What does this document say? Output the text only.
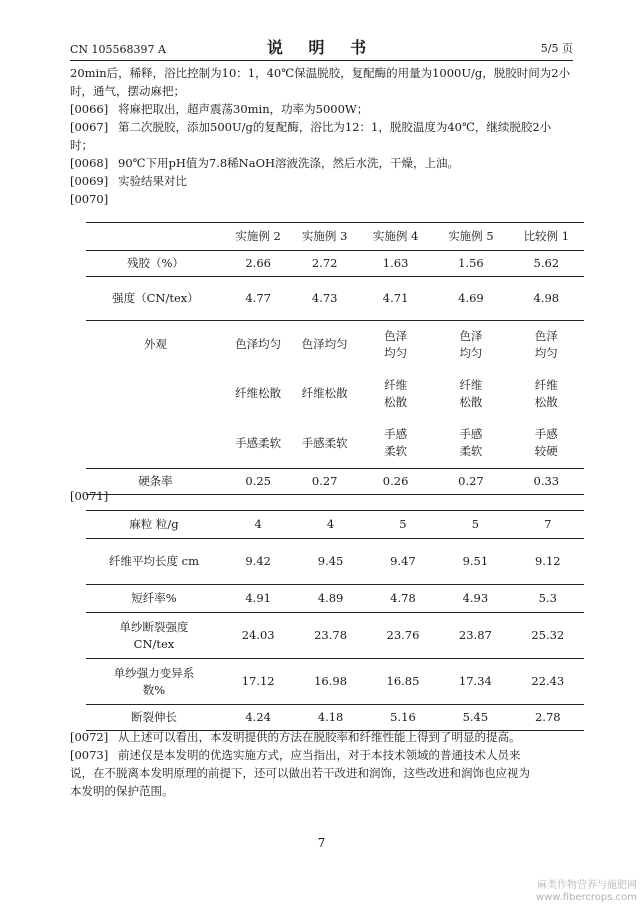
CN 105568397 A	说 明 书	5/5 页
20min后，稀释，浴比控制为10：1，40℃保温脱胶，复配酶的用量为1000U/g，脱胶时间为2小
时，通气，摆动麻把；
[0066] 将麻把取出，超声震荡30min，功率为5000W；
[0067] 第二次脱胶，添加500U/g的复配酶，浴比为12：1，脱胶温度为40℃，继续脱胶2小
时；
[0068] 90℃下用pH值为7.8稀NaOH溶液洗涤，然后水洗，干燥，上油。
[0069] 实验结果对比
[0070]
	实施例 2	实施例 3	实施例 4	实施例 5	比较例 1
残胶（%）	2.66	2.72	1.63	1.56	5.62
强度（CN/tex）	4.77	4.73	4.71	4.69	4.98
外观	色泽均匀	色泽均匀	色泽均匀	色泽均匀	色泽均匀
	纤维松散	纤维松散	纤维松散	纤维松散	纤维松散
	手感柔软	手感柔软	手感柔软	手感柔软	手感较硬
硬条率	0.25	0.27	0.26	0.27	0.33
[0071]
麻粒 粒/g	4	4	5	5	7
纤维平均长度 cm	9.42	9.45	9.47	9.51	9.12
短纤率%	4.91	4.89	4.78	4.93	5.3
单纱断裂强度 CN/tex	24.03	23.78	23.76	23.87	25.32
单纱强力变异系数%	17.12	16.98	16.85	17.34	22.43
断裂伸长	4.24	4.18	5.16	5.45	2.78
[0072] 从上述可以看出，本发明提供的方法在脱胶率和纤维性能上得到了明显的提高。
[0073] 前述仅是本发明的优选实施方式，应当指出，对于本技术领域的普通技术人员来
说，在不脱离本发明原理的前提下，还可以做出若干改进和润饰，这些改进和润饰也应视为
本发明的保护范围。
7
麻类作物营养与施肥网
www.fibercrops.com
